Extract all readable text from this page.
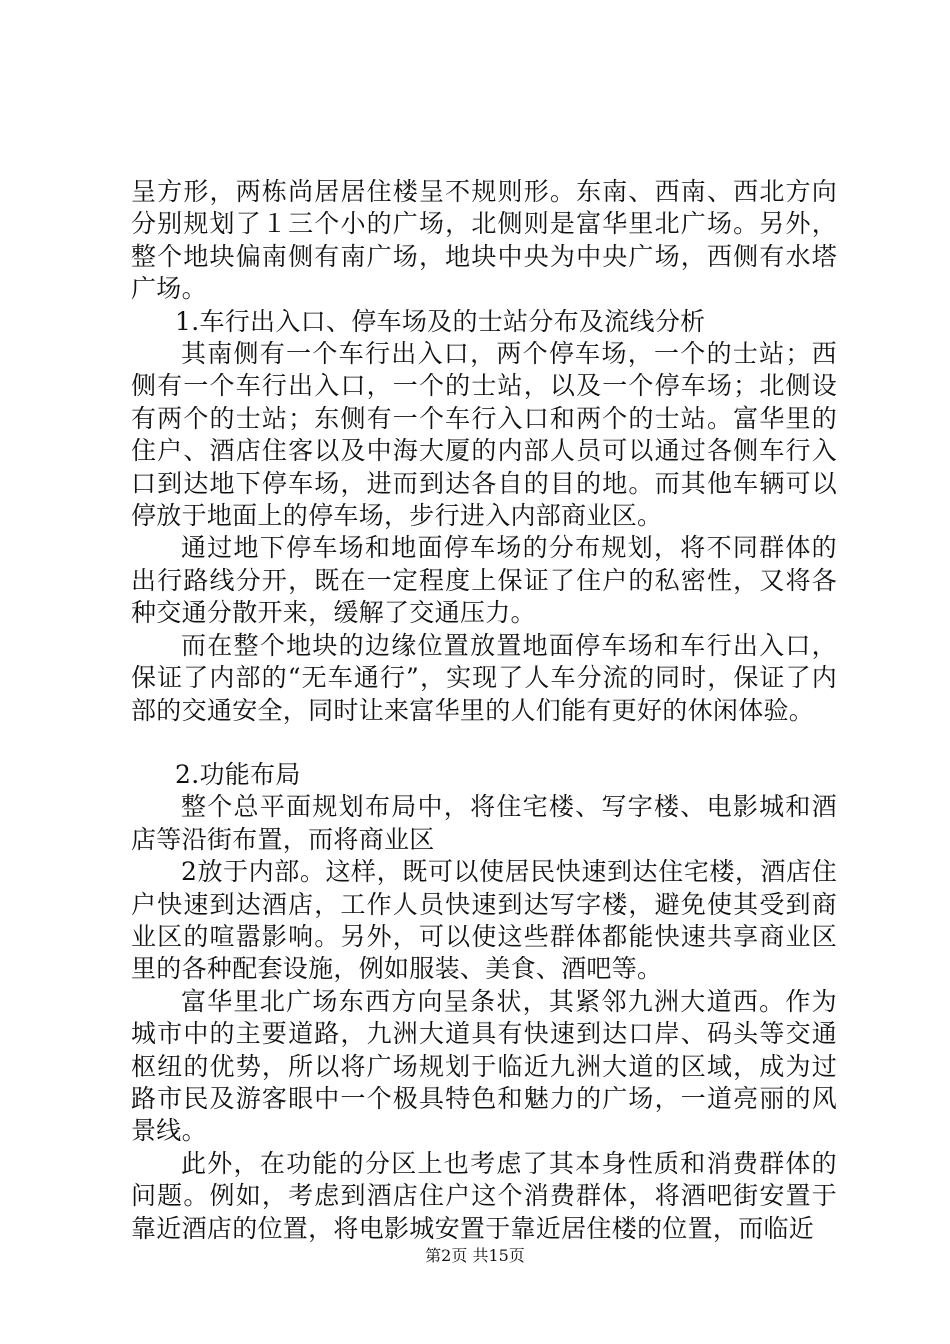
呈方形，两栋尚居居住楼呈不规则形。东南、西南、西北方向分别规划了１三个小的广场，北侧则是富华里北广场。另外，整个地块偏南侧有南广场，地块中央为中央广场，西侧有水塔广场。

1.车行出入口、停车场及的士站分布及流线分析

其南侧有一个车行出入口，两个停车场，一个的士站；西侧有一个车行出入口，一个的士站，以及一个停车场；北侧设有两个的士站；东侧有一个车行入口和两个的士站。富华里的住户、酒店住客以及中海大厦的内部人员可以通过各侧车行入口到达地下停车场，进而到达各自的目的地。而其他车辆可以停放于地面上的停车场，步行进入内部商业区。

通过地下停车场和地面停车场的分布规划，将不同群体的出行路线分开，既在一定程度上保证了住户的私密性，又将各种交通分散开来，缓解了交通压力。

而在整个地块的边缘位置放置地面停车场和车行出入口，保证了内部的“无车通行”，实现了人车分流的同时，保证了内部的交通安全，同时让来富华里的人们能有更好的休闲体验。

2.功能布局

整个总平面规划布局中，将住宅楼、写字楼、电影城和酒店等沿街布置，而将商业区

2放于内部。这样，既可以使居民快速到达住宅楼，酒店住户快速到达酒店，工作人员快速到达写字楼，避免使其受到商业区的喧嚣影响。另外，可以使这些群体都能快速共享商业区里的各种配套设施，例如服装、美食、酒吧等。

富华里北广场东西方向呈条状，其紧邻九洲大道西。作为城市中的主要道路，九洲大道具有快速到达口岸、码头等交通枢纽的优势，所以将广场规划于临近九洲大道的区域，成为过路市民及游客眼中一个极具特色和魅力的广场，一道亮丽的风景线。

此外，在功能的分区上也考虑了其本身性质和消费群体的问题。例如，考虑到酒店住户这个消费群体，将酒吧街安置于靠近酒店的位置，将电影城安置于靠近居住楼的位置，而临近

第2页 共15页
